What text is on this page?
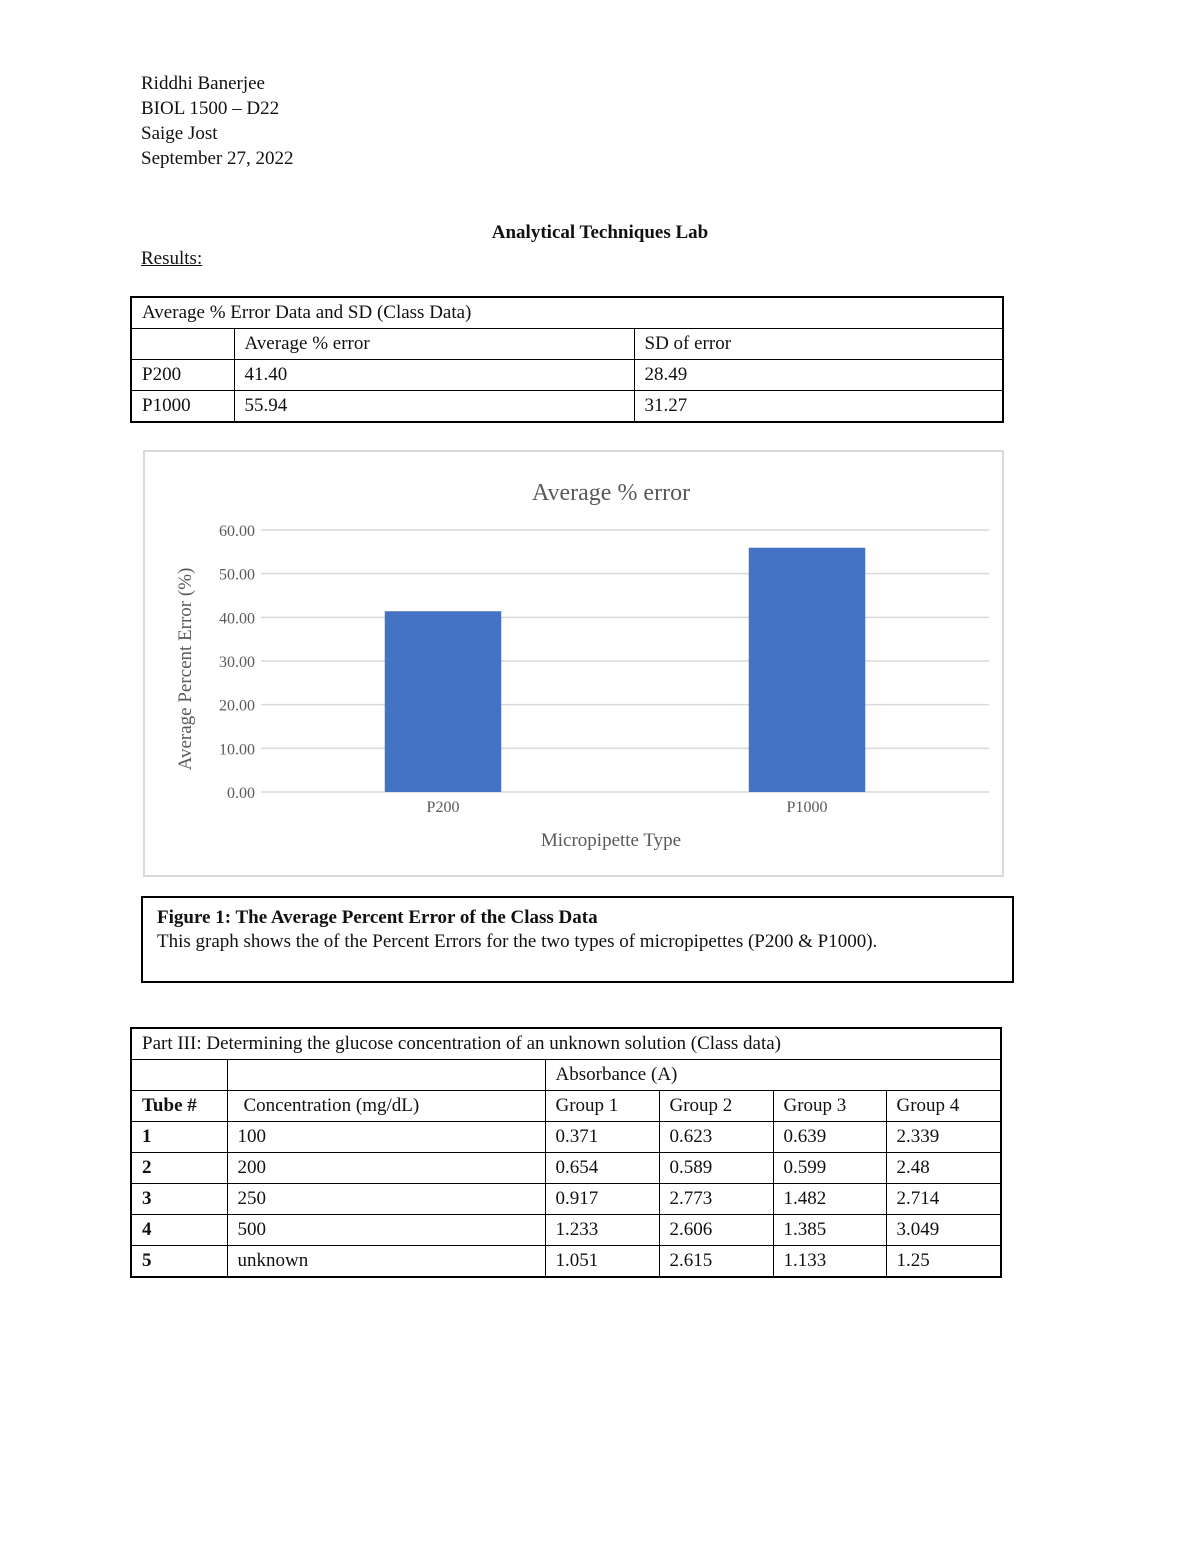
Riddhi Banerjee
BIOL 1500 – D22
Saige Jost
September 27, 2022
Analytical Techniques Lab
Results:
Average % Error Data and SD (Class Data)		
	Average % error	SD of error
P200	41.40	28.49
P1000	55.94	31.27
Average % error
0.00
10.00
20.00
30.00
40.00
50.00
60.00
P200	P1000
Micropipette Type
Average Percent Error (%)
Figure 1: The Average Percent Error of the Class Data
This graph shows the of the Percent Errors for the two types of micropipettes (P200 & P1000).
Part III: Determining the glucose concentration of an unknown solution (Class data)					
		Absorbance (A)			
Tube #	Concentration (mg/dL)	Group 1	Group 2	Group 3	Group 4
1	100	0.371	0.623	0.639	2.339
2	200	0.654	0.589	0.599	2.48
3	250	0.917	2.773	1.482	2.714
4	500	1.233	2.606	1.385	3.049
5	unknown	1.051	2.615	1.133	1.25
